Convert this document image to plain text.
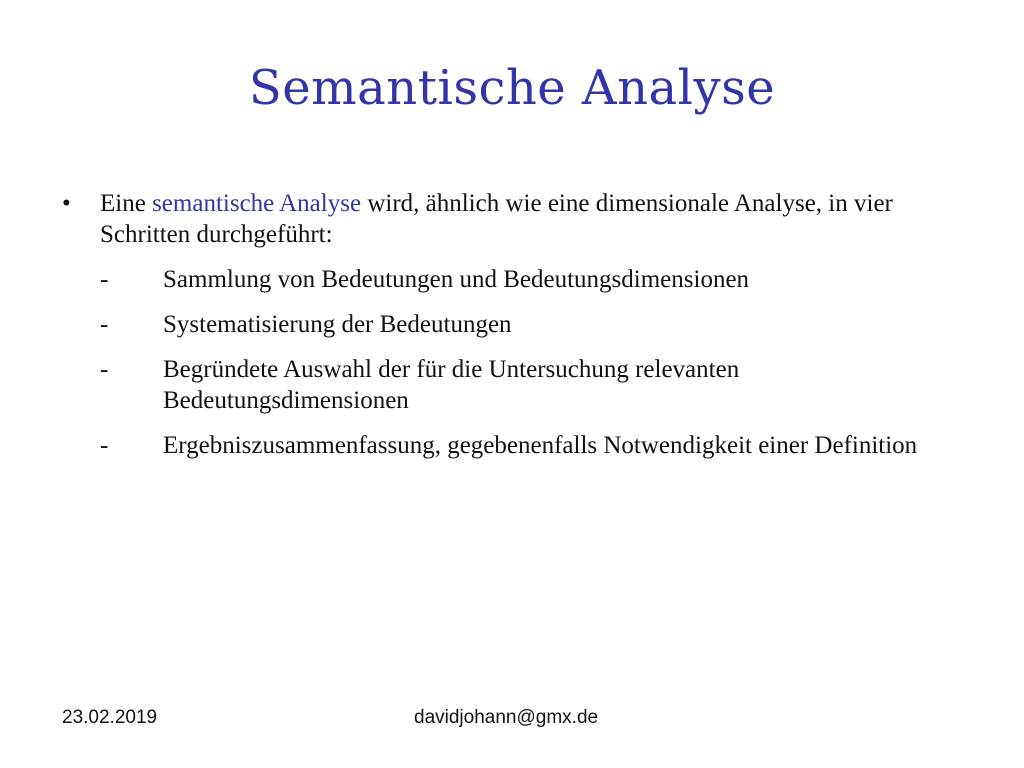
Semantische Analyse
• Eine semantische Analyse wird, ähnlich wie eine dimensionale Analyse, in vier Schritten durchgeführt:
- Sammlung von Bedeutungen und Bedeutungsdimensionen
- Systematisierung der Bedeutungen
- Begründete Auswahl der für die Untersuchung relevanten Bedeutungsdimensionen
- Ergebniszusammenfassung, gegebenenfalls Notwendigkeit einer Definition
23.02.2019	davidjohann@gmx.de
